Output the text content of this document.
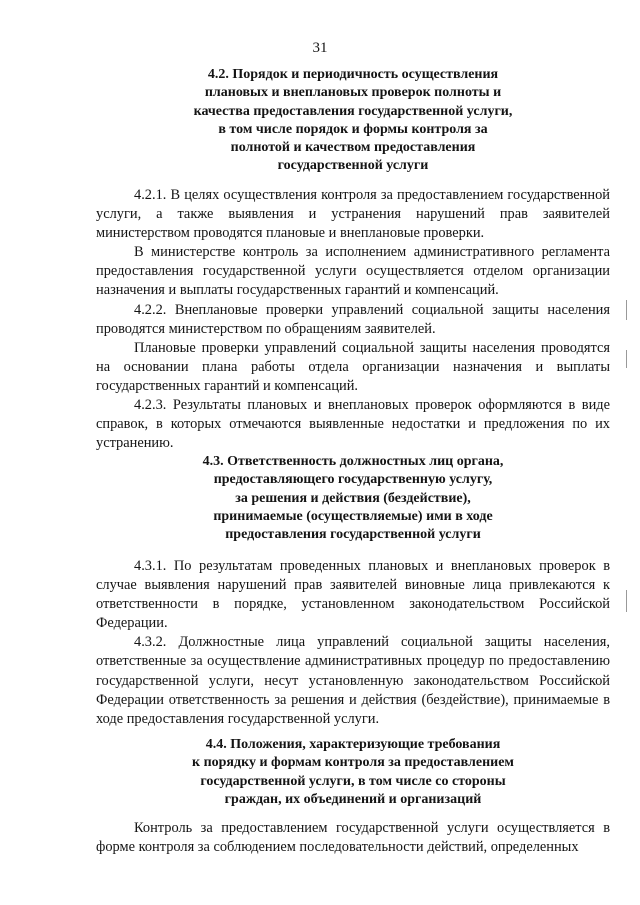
31
4.2. Порядок и периодичность осуществления
плановых и внеплановых проверок полноты и
качества предоставления государственной услуги,
в том числе порядок и формы контроля за
полнотой и качеством предоставления
государственной услуги

4.2.1. В целях осуществления контроля за предоставлением государственной услуги, а также выявления и устранения нарушений прав заявителей министерством проводятся плановые и внеплановые проверки.

В министерстве контроль за исполнением административного регламента предоставления государственной услуги осуществляется отделом организации назначения и выплаты государственных гарантий и компенсаций.

4.2.2. Внеплановые проверки управлений социальной защиты населения проводятся министерством по обращениям заявителей.

Плановые проверки управлений социальной защиты населения проводятся на основании плана работы отдела организации назначения и выплаты государственных гарантий и компенсаций.

4.2.3. Результаты плановых и внеплановых проверок оформляются в виде справок, в которых отмечаются выявленные недостатки и предложения по их устранению.

4.3. Ответственность должностных лиц органа,
предоставляющего государственную услугу,
за решения и действия (бездействие),
принимаемые (осуществляемые) ими в ходе
предоставления государственной услуги

4.3.1. По результатам проведенных плановых и внеплановых проверок в случае выявления нарушений прав заявителей виновные лица привлекаются к ответственности в порядке, установленном законодательством Российской Федерации.

4.3.2. Должностные лица управлений социальной защиты населения, ответственные за осуществление административных процедур по предоставлению государственной услуги, несут установленную законодательством Российской Федерации ответственность за решения и действия (бездействие), принимаемые в ходе предоставления государственной услуги.

4.4. Положения, характеризующие требования
к порядку и формам контроля за предоставлением
государственной услуги, в том числе со стороны
граждан, их объединений и организаций

Контроль за предоставлением государственной услуги осуществляется в форме контроля за соблюдением последовательности действий, определенных
